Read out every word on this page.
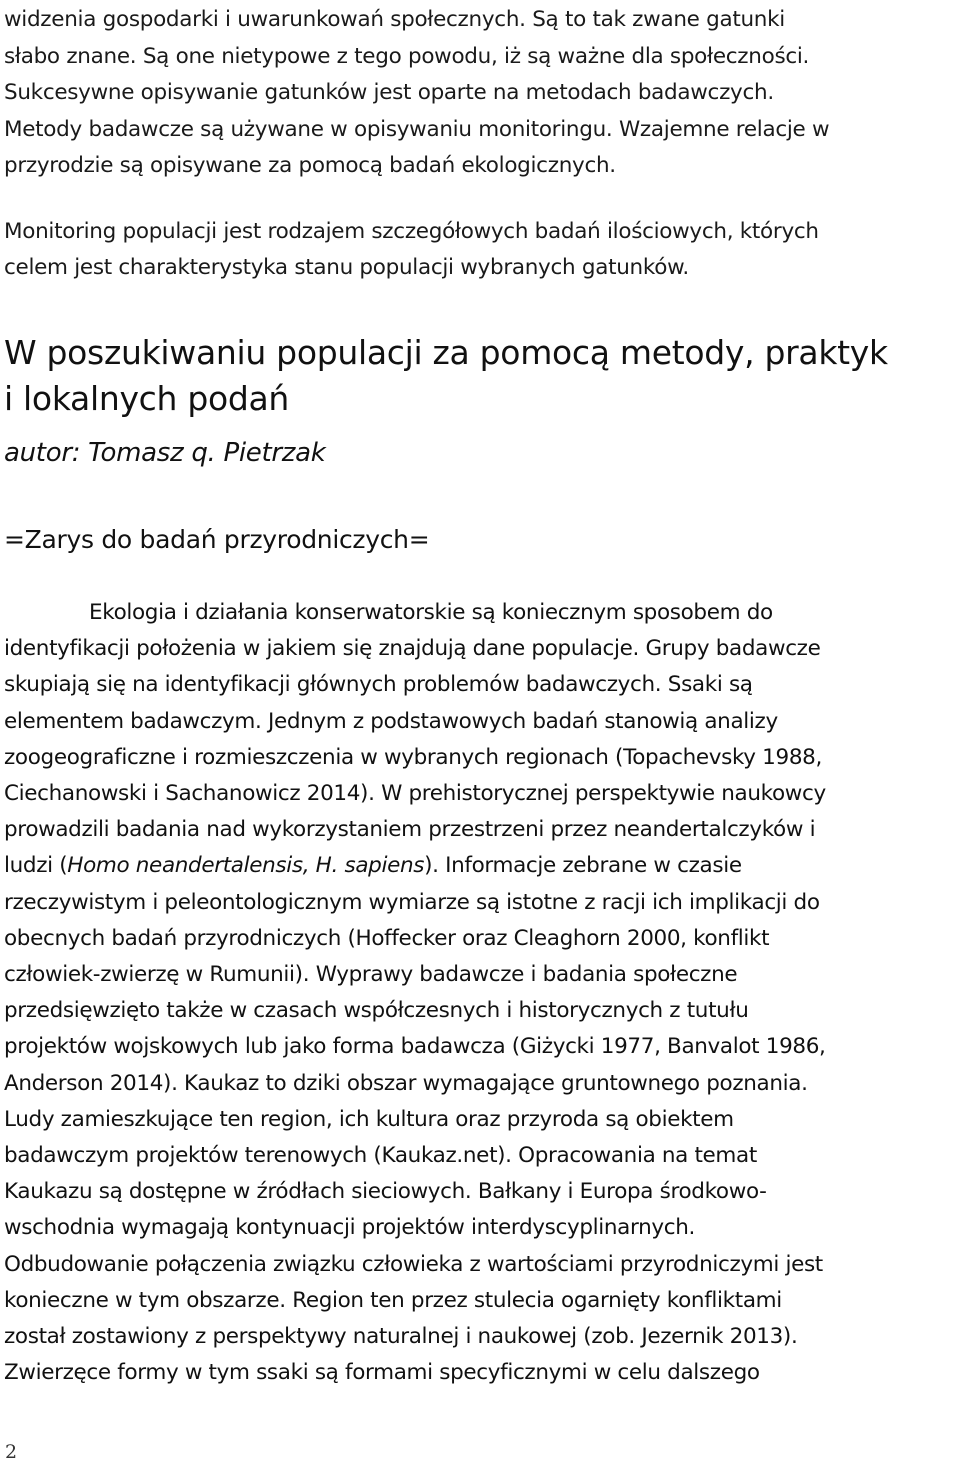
widzenia gospodarki i uwarunkowań społecznych. Są to tak zwane gatunki
słabo znane. Są one nietypowe z tego powodu, iż są ważne dla społeczności.
Sukcesywne opisywanie gatunków jest oparte na metodach badawczych.
Metody badawcze są używane w opisywaniu monitoringu. Wzajemne relacje w
przyrodzie są opisywane za pomocą badań ekologicznych.

Monitoring populacji jest rodzajem szczegółowych badań ilościowych, których
celem jest charakterystyka stanu populacji wybranych gatunków.

W poszukiwaniu populacji za pomocą metody, praktyk
i lokalnych podań
autor: Tomasz q. Pietrzak
=Zarys do badań przyrodniczych=

Ekologia i działania konserwatorskie są koniecznym sposobem do
identyfikacji położenia w jakiem się znajdują dane populacje. Grupy badawcze
skupiają się na identyfikacji głównych problemów badawczych. Ssaki są
elementem badawczym. Jednym z podstawowych badań stanowią analizy
zoogeograficzne i rozmieszczenia w wybranych regionach (Topachevsky 1988,
Ciechanowski i Sachanowicz 2014). W prehistorycznej perspektywie naukowcy
prowadzili badania nad wykorzystaniem przestrzeni przez neandertalczyków i
ludzi (Homo neandertalensis, H. sapiens). Informacje zebrane w czasie
rzeczywistym i peleontologicznym wymiarze są istotne z racji ich implikacji do
obecnych badań przyrodniczych (Hoffecker oraz Cleaghorn 2000, konflikt
człowiek-zwierzę w Rumunii). Wyprawy badawcze i badania społeczne
przedsięwzięto także w czasach współczesnych i historycznych z tutułu
projektów wojskowych lub jako forma badawcza (Giżycki 1977, Banvalot 1986,
Anderson 2014). Kaukaz to dziki obszar wymagające gruntownego poznania.
Ludy zamieszkujące ten region, ich kultura oraz przyroda są obiektem
badawczym projektów terenowych (Kaukaz.net). Opracowania na temat
Kaukazu są dostępne w źródłach sieciowych. Bałkany i Europa środkowo-
wschodnia wymagają kontynuacji projektów interdyscyplinarnych.
Odbudowanie połączenia związku człowieka z wartościami przyrodniczymi jest
konieczne w tym obszarze. Region ten przez stulecia ogarnięty konfliktami
został zostawiony z perspektywy naturalnej i naukowej (zob. Jezernik 2013).
Zwierzęce formy w tym ssaki są formami specyficznymi w celu dalszego

2
